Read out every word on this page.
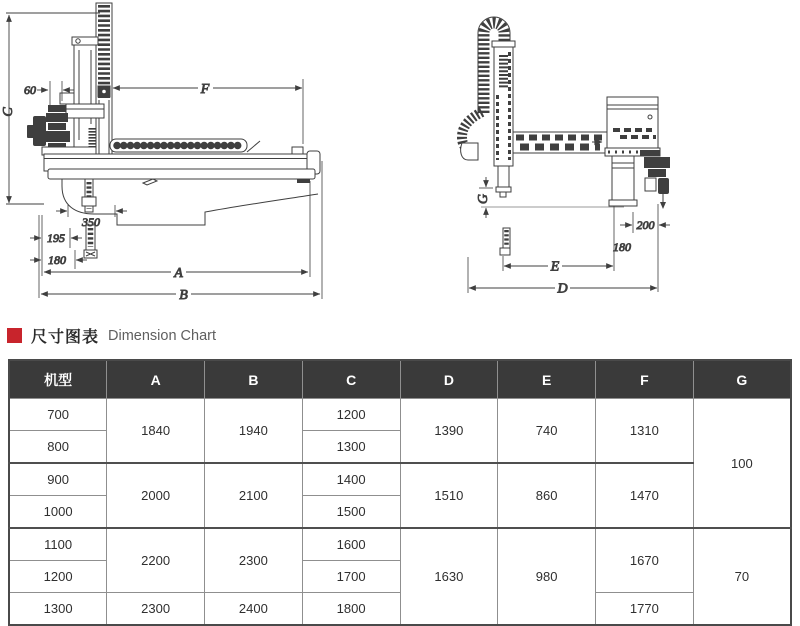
C
60	F
350
195
180
A
B
G
200
180
E
D
尺寸图表 Dimension Chart
机型	A	B	C	D	E	F	G
700	1840	1940	1200	1390	740	1310	100
800			1300				
900	2000	2100	1400	1510	860	1470	
1000			1500				
1100	2200	2300	1600	1630	980	1670	70
1200			1700				
1300	2300	2400	1800			1770	
